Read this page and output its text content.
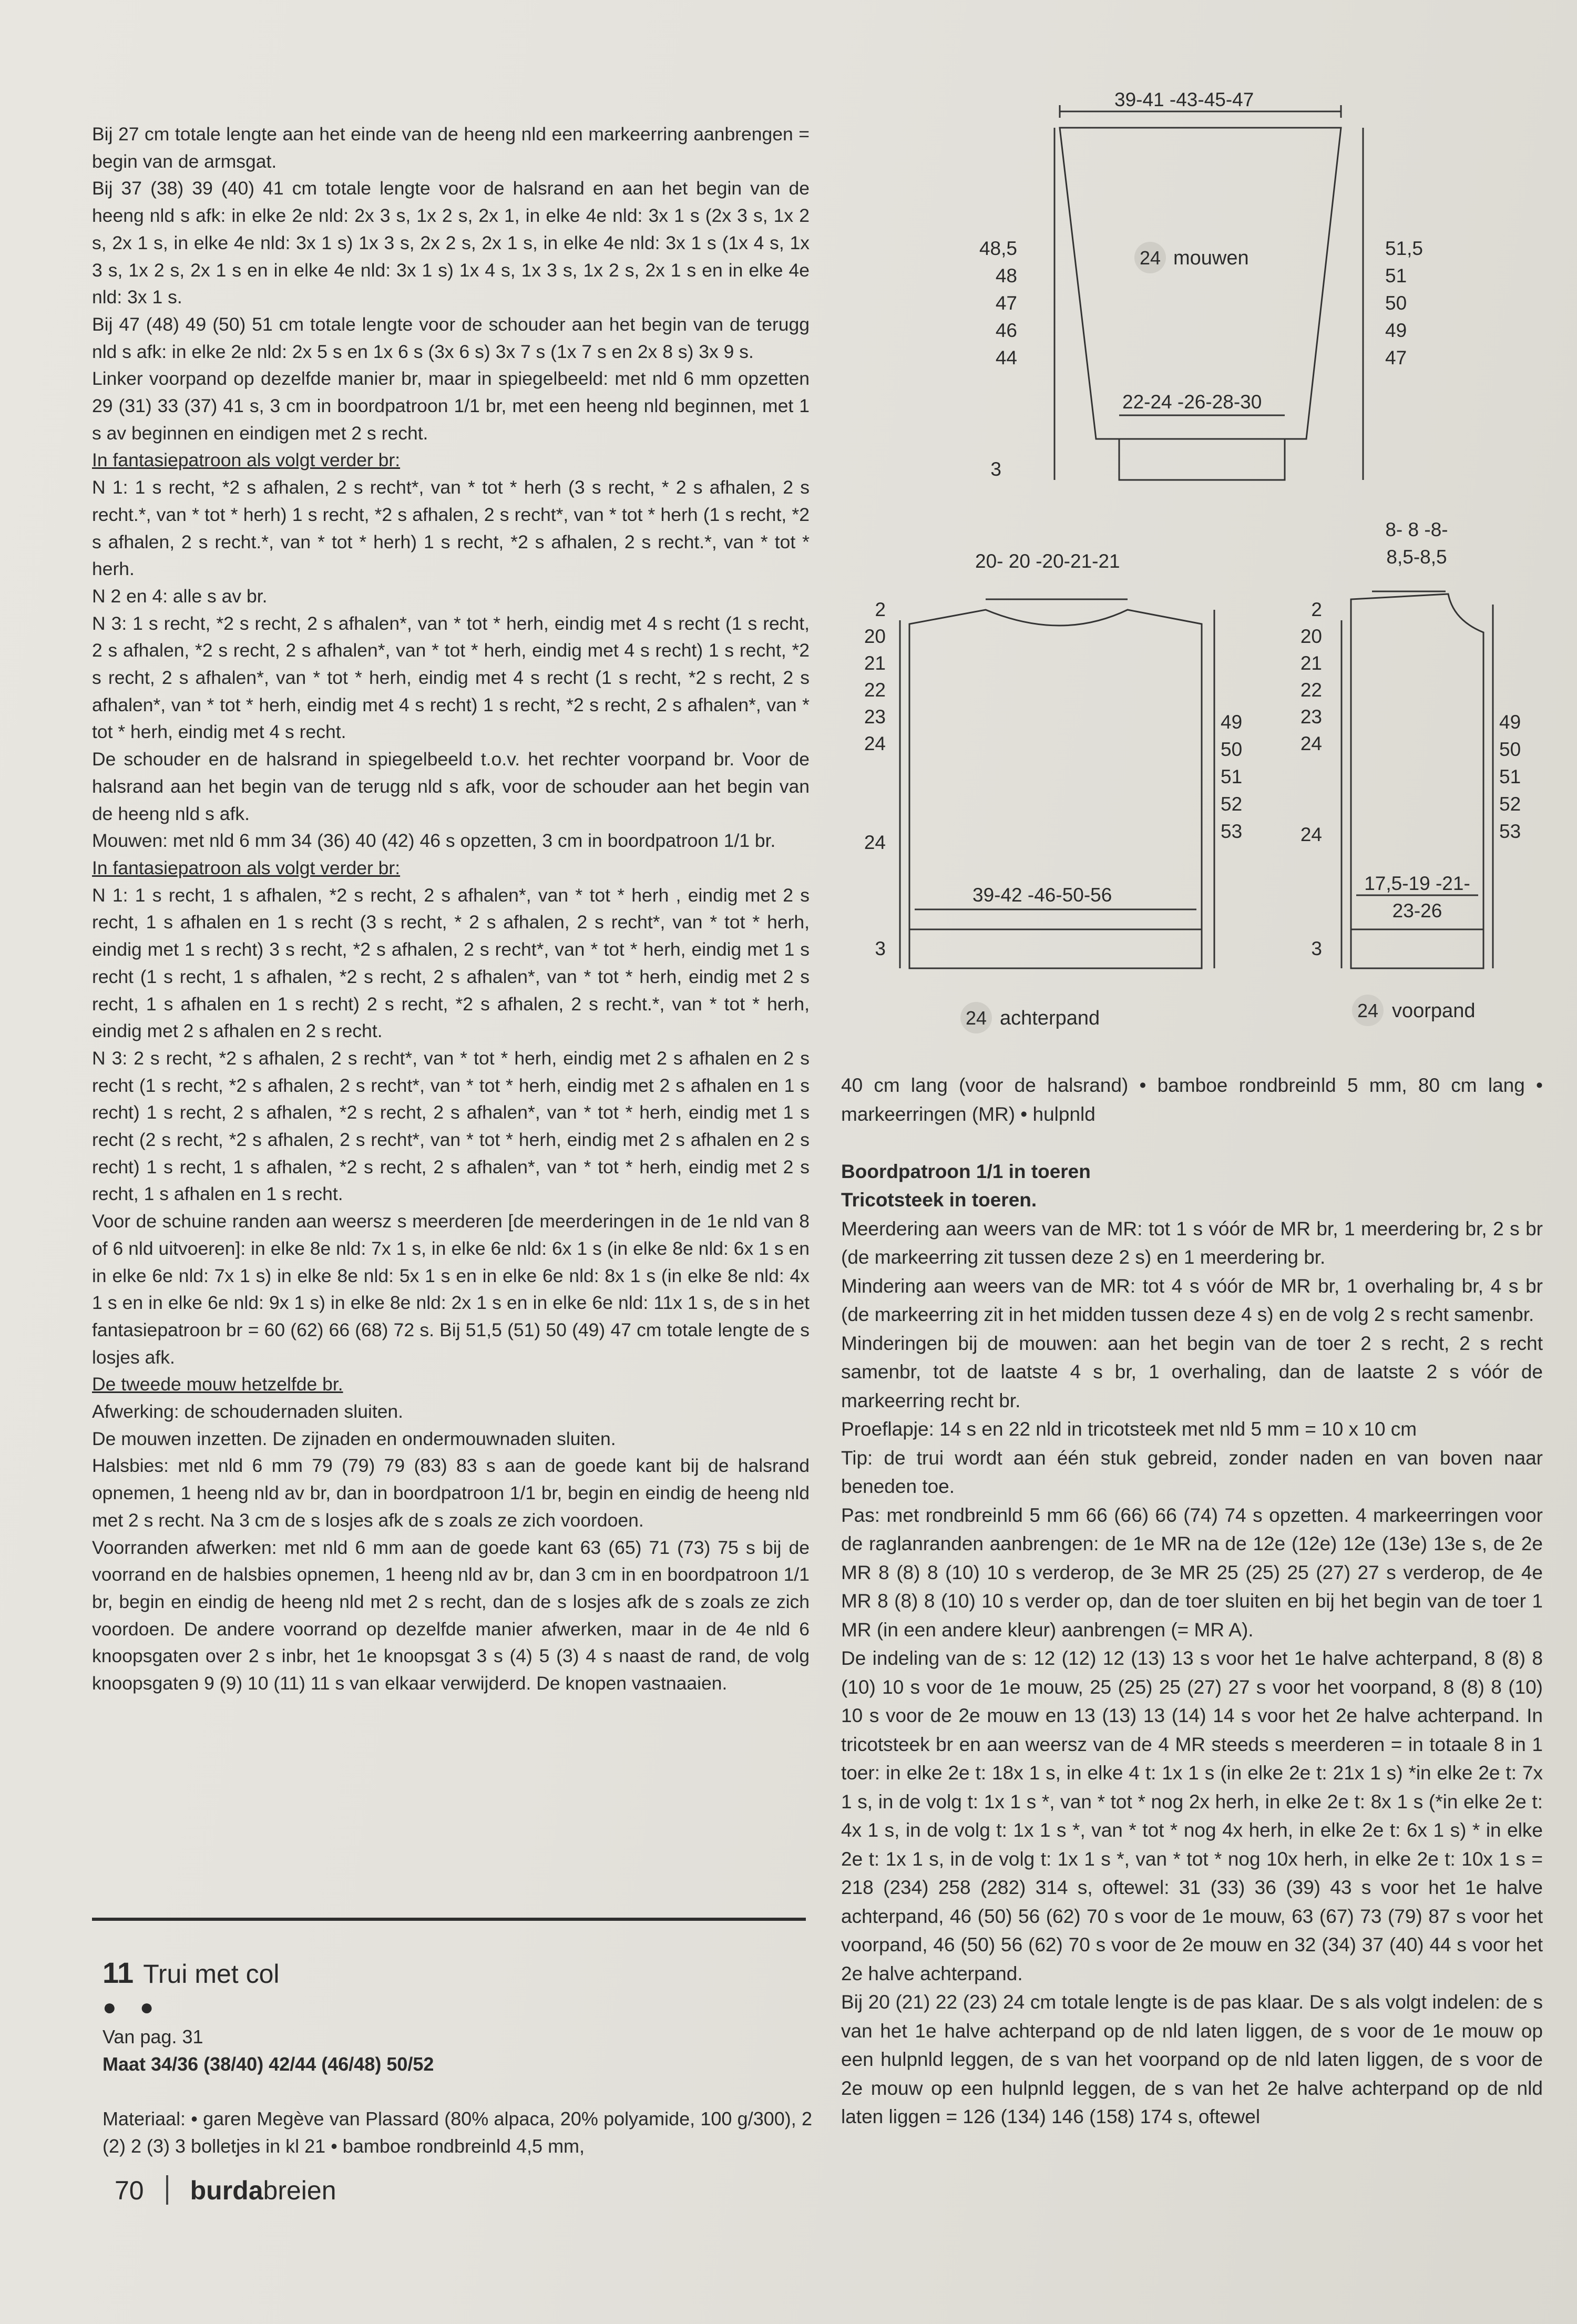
Bij 27 cm totale lengte aan het einde van de heeng nld een markeerring aanbrengen = begin van de armsgat.

Bij 37 (38) 39 (40) 41 cm totale lengte voor de halsrand en aan het begin van de heeng nld s afk: in elke 2e nld: 2x 3 s, 1x 2 s, 2x 1, in elke 4e nld: 3x 1 s (2x 3 s, 1x 2 s, 2x 1 s, in elke 4e nld: 3x 1 s) 1x 3 s, 2x 2 s, 2x 1 s, in elke 4e nld: 3x 1 s (1x 4 s, 1x 3 s, 1x 2 s, 2x 1 s en in elke 4e nld: 3x 1 s) 1x 4 s, 1x 3 s, 1x 2 s, 2x 1 s en in elke 4e nld: 3x 1 s.

Bij 47 (48) 49 (50) 51 cm totale lengte voor de schouder aan het begin van de terugg nld s afk: in elke 2e nld: 2x 5 s en 1x 6 s (3x 6 s) 3x 7 s (1x 7 s en 2x 8 s) 3x 9 s.

Linker voorpand op dezelfde manier br, maar in spiegelbeeld: met nld 6 mm opzetten 29 (31) 33 (37) 41 s, 3 cm in boordpatroon 1/1 br, met een heeng nld beginnen, met 1 s av beginnen en eindigen met 2 s recht.

In fantasiepatroon als volgt verder br:

N 1: 1 s recht, *2 s afhalen, 2 s recht*, van * tot * herh (3 s recht, * 2 s afhalen, 2 s recht.*, van * tot * herh) 1 s recht, *2 s afhalen, 2 s recht*, van * tot * herh (1 s recht, *2 s afhalen, 2 s recht.*, van * tot * herh) 1 s recht, *2 s afhalen, 2 s recht.*, van * tot * herh.

N 2 en 4: alle s av br.

N 3: 1 s recht, *2 s recht, 2 s afhalen*, van * tot * herh, eindig met 4 s recht (1 s recht, 2 s afhalen, *2 s recht, 2 s afhalen*, van * tot * herh, eindig met 4 s recht) 1 s recht, *2 s recht, 2 s afhalen*, van * tot * herh, eindig met 4 s recht (1 s recht, *2 s recht, 2 s afhalen*, van * tot * herh, eindig met 4 s recht) 1 s recht, *2 s recht, 2 s afhalen*, van * tot * herh, eindig met 4 s recht.

De schouder en de halsrand in spiegelbeeld t.o.v. het rechter voorpand br. Voor de halsrand aan het begin van de terugg nld s afk, voor de schouder aan het begin van de heeng nld s afk.

Mouwen: met nld 6 mm 34 (36) 40 (42) 46 s opzetten, 3 cm in boordpatroon 1/1 br.

In fantasiepatroon als volgt verder br:

N 1: 1 s recht, 1 s afhalen, *2 s recht, 2 s afhalen*, van * tot * herh , eindig met 2 s recht, 1 s afhalen en 1 s recht (3 s recht, * 2 s afhalen, 2 s recht*, van * tot * herh, eindig met 1 s recht) 3 s recht, *2 s afhalen, 2 s recht*, van * tot * herh, eindig met 1 s recht (1 s recht, 1 s afhalen, *2 s recht, 2 s afhalen*, van * tot * herh, eindig met 2 s recht, 1 s afhalen en 1 s recht) 2 s recht, *2 s afhalen, 2 s recht.*, van * tot * herh, eindig met 2 s afhalen en 2 s recht.

N 3: 2 s recht, *2 s afhalen, 2 s recht*, van * tot * herh, eindig met 2 s afhalen en 2 s recht (1 s recht, *2 s afhalen, 2 s recht*, van * tot * herh, eindig met 2 s afhalen en 1 s recht) 1 s recht, 2 s afhalen, *2 s recht, 2 s afhalen*, van * tot * herh, eindig met 1 s recht (2 s recht, *2 s afhalen, 2 s recht*, van * tot * herh, eindig met 2 s afhalen en 2 s recht) 1 s recht, 1 s afhalen, *2 s recht, 2 s afhalen*, van * tot * herh, eindig met 2 s recht, 1 s afhalen en 1 s recht.

Voor de schuine randen aan weersz s meerderen [de meerderingen in de 1e nld van 8 of 6 nld uitvoeren]: in elke 8e nld: 7x 1 s, in elke 6e nld: 6x 1 s (in elke 8e nld: 6x 1 s en in elke 6e nld: 7x 1 s) in elke 8e nld: 5x 1 s en in elke 6e nld: 8x 1 s (in elke 8e nld: 4x 1 s en in elke 6e nld: 9x 1 s) in elke 8e nld: 2x 1 s en in elke 6e nld: 11x 1 s, de s in het fantasiepatroon br = 60 (62) 66 (68) 72 s. Bij 51,5 (51) 50 (49) 47 cm totale lengte de s losjes afk.

De tweede mouw hetzelfde br.

Afwerking: de schoudernaden sluiten.

De mouwen inzetten. De zijnaden en ondermouwnaden sluiten.

Halsbies: met nld 6 mm 79 (79) 79 (83) 83 s aan de goede kant bij de halsrand opnemen, 1 heeng nld av br, dan in boordpatroon 1/1 br, begin en eindig de heeng nld met 2 s recht. Na 3 cm de s losjes afk de s zoals ze zich voordoen.

Voorranden afwerken: met nld 6 mm aan de goede kant 63 (65) 71 (73) 75 s bij de voorrand en de halsbies opnemen, 1 heeng nld av br, dan 3 cm in en boordpatroon 1/1 br, begin en eindig de heeng nld met 2 s recht, dan de s losjes afk de s zoals ze zich voordoen. De andere voorrand op dezelfde manier afwerken, maar in de 4e nld 6 knoopsgaten over 2 s inbr, het 1e knoopsgat 3 s (4) 5 (3) 4 s naast de rand, de volg knoopsgaten 9 (9) 10 (11) 11 s van elkaar verwijderd. De knopen vastnaaien.

11 Trui met col
● ●

Van pag. 31

Maat 34/36 (38/40) 42/44 (46/48) 50/52

Materiaal: • garen Megève van Plassard (80% alpaca, 20% polyamide, 100 g/300), 2 (2) 2 (3) 3 bolletjes in kl 21 • bamboe rondbreinld 4,5 mm,

39-41 -43-45-47
48,5
48
47
46
44
51,5
51
50
49
47
24 mouwen
22-24 -26-28-30
3
20- 20 -20-21-21
2
20
21
22
23
24
24
3
49
50
51
52
53
39-42 -46-50-56
24 achterpand
8- 8 -8-
8,5-8,5
2
20
21
22
23
24
24
3
49
50
51
52
53
17,5-19 -21-
23-26
24 voorpand

40 cm lang (voor de halsrand) • bamboe rondbreinld 5 mm, 80 cm lang • markeerringen (MR) • hulpnld

Boordpatroon 1/1 in toeren

Tricotsteek in toeren.

Meerdering aan weers van de MR: tot 1 s vóór de MR br, 1 meerdering br, 2 s br (de markeerring zit tussen deze 2 s) en 1 meerdering br.

Mindering aan weers van de MR: tot 4 s vóór de MR br, 1 overhaling br, 4 s br (de markeerring zit in het midden tussen deze 4 s) en de volg 2 s recht samenbr.

Minderingen bij de mouwen: aan het begin van de toer 2 s recht, 2 s recht samenbr, tot de laatste 4 s br, 1 overhaling, dan de laatste 2 s vóór de markeerring recht br.

Proeflapje: 14 s en 22 nld in tricotsteek met nld 5 mm = 10 x 10 cm

Tip: de trui wordt aan één stuk gebreid, zonder naden en van boven naar beneden toe.

Pas: met rondbreinld 5 mm 66 (66) 66 (74) 74 s opzetten. 4 markeerringen voor de raglanranden aanbrengen: de 1e MR na de 12e (12e) 12e (13e) 13e s, de 2e MR 8 (8) 8 (10) 10 s verderop, de 3e MR 25 (25) 25 (27) 27 s verderop, de 4e MR 8 (8) 8 (10) 10 s verder op, dan de toer sluiten en bij het begin van de toer 1 MR (in een andere kleur) aanbrengen (= MR A).

De indeling van de s: 12 (12) 12 (13) 13 s voor het 1e halve achterpand, 8 (8) 8 (10) 10 s voor de 1e mouw, 25 (25) 25 (27) 27 s voor het voorpand, 8 (8) 8 (10) 10 s voor de 2e mouw en 13 (13) 13 (14) 14 s voor het 2e halve achterpand. In tricotsteek br en aan weersz van de 4 MR steeds s meerderen = in totaale 8 in 1 toer: in elke 2e t: 18x 1 s, in elke 4 t: 1x 1 s (in elke 2e t: 21x 1 s) *in elke 2e t: 7x 1 s, in de volg t: 1x 1 s *, van * tot * nog 2x herh, in elke 2e t: 8x 1 s (*in elke 2e t: 4x 1 s, in de volg t: 1x 1 s *, van * tot * nog 4x herh, in elke 2e t: 6x 1 s) * in elke 2e t: 1x 1 s, in de volg t: 1x 1 s *, van * tot * nog 10x herh, in elke 2e t: 10x 1 s = 218 (234) 258 (282) 314 s, oftewel: 31 (33) 36 (39) 43 s voor het 1e halve achterpand, 46 (50) 56 (62) 70 s voor de 1e mouw, 63 (67) 73 (79) 87 s voor het voorpand, 46 (50) 56 (62) 70 s voor de 2e mouw en 32 (34) 37 (40) 44 s voor het 2e halve achterpand.

Bij 20 (21) 22 (23) 24 cm totale lengte is de pas klaar. De s als volgt indelen: de s van het 1e halve achterpand op de nld laten liggen, de s voor de 1e mouw op een hulpnld leggen, de s van het voorpand op de nld laten liggen, de s voor de 2e mouw op een hulpnld leggen, de s van het 2e halve achterpand op de nld laten liggen = 126 (134) 146 (158) 174 s, oftewel

70 burdabreien
